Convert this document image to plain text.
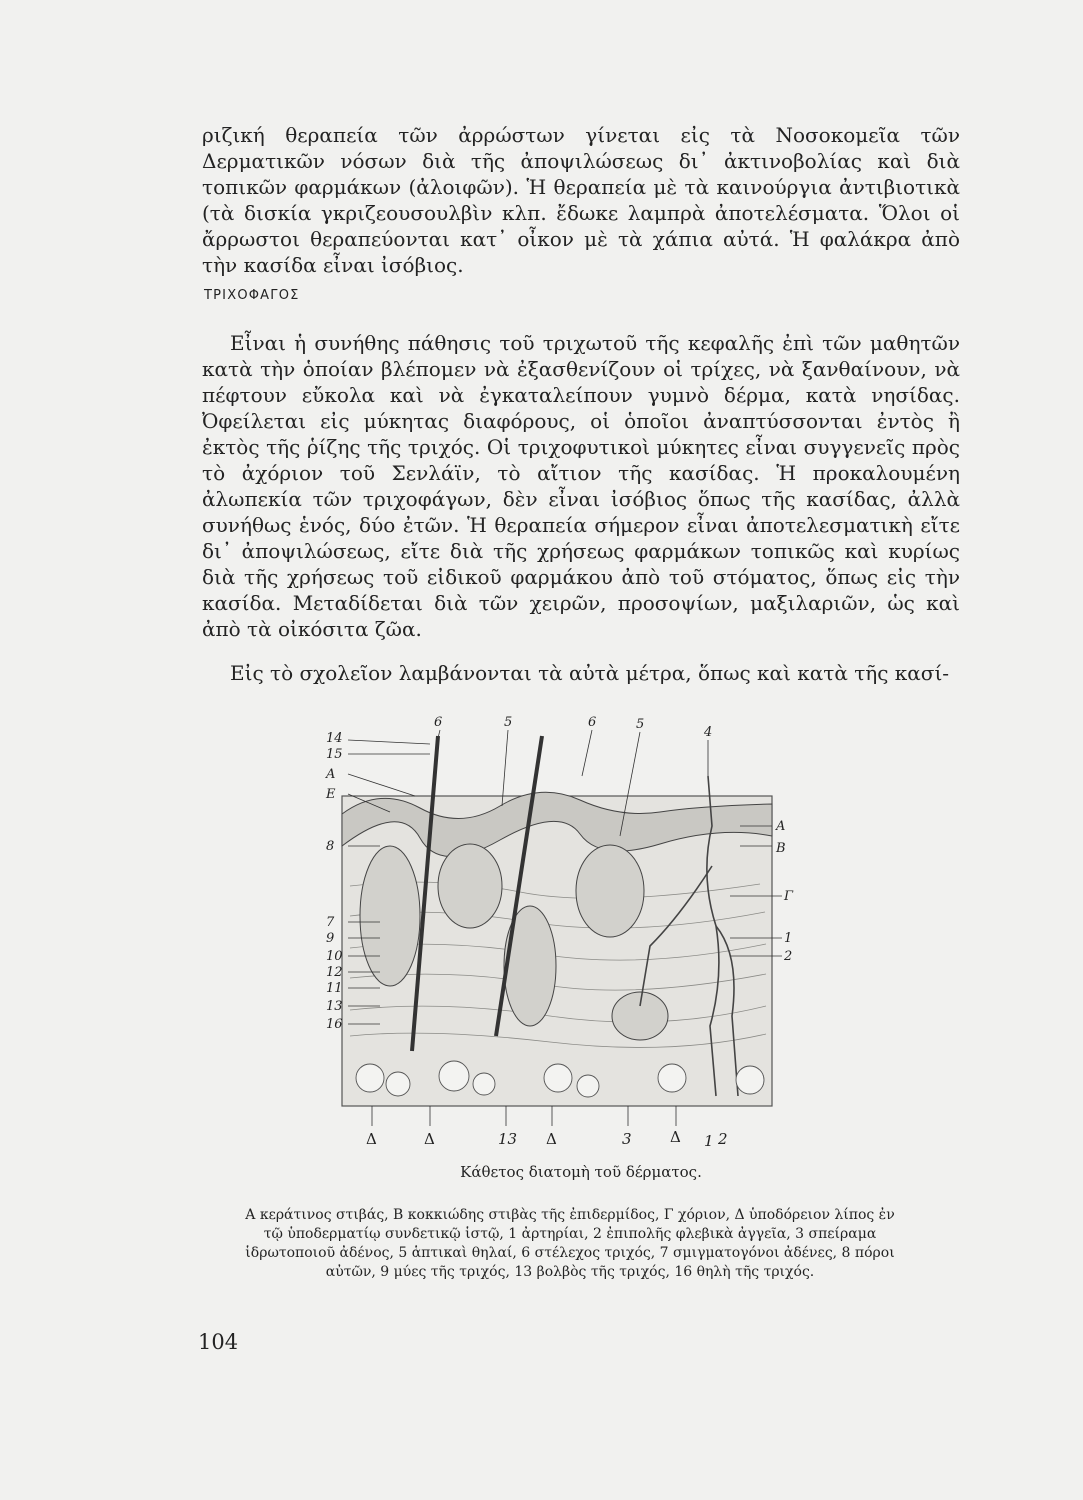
ριζική θεραπεία τῶν ἀρρώστων γίνεται εἰς τὰ Νοσοκομεῖα τῶν Δερματικῶν νόσων διὰ τῆς ἀποψιλώσεως δι᾽ ἀκτινοβολίας καὶ διὰ τοπικῶν φαρμάκων (ἀλοιφῶν). Ἡ θεραπεία μὲ τὰ καινούργια ἀντιβιοτικὰ (τὰ δισκία γκριζεουσουλβὶν κλπ. ἔδωκε λαμπρὰ ἀποτελέσματα. Ὅλοι οἱ ἄρρωστοι θεραπεύονται κατ᾽ οἶκον μὲ τὰ χάπια αὐτά. Ἡ φαλάκρα ἀπὸ τὴν κασίδα εἶναι ἰσόβιος.

ΤΡΙΧΟΦΑΓΟΣ

Εἶναι ἡ συνήθης πάθησις τοῦ τριχωτοῦ τῆς κεφαλῆς ἐπὶ τῶν μαθητῶν κατὰ τὴν ὁποίαν βλέπομεν νὰ ἐξασθενίζουν οἱ τρίχες, νὰ ξανθαίνουν, νὰ πέφτουν εὔκολα καὶ νὰ ἐγκαταλείπουν γυμνὸ δέρμα, κατὰ νησίδας. Ὀφείλεται εἰς μύκητας διαφόρους, οἱ ὁποῖοι ἀναπτύσσονται ἐντὸς ἢ ἐκτὸς τῆς ῥίζης τῆς τριχός. Οἱ τριχοφυτικοὶ μύκητες εἶναι συγγενεῖς πρὸς τὸ ἀχόριον τοῦ Σενλάϊν, τὸ αἴτιον τῆς κασίδας. Ἡ προκαλουμένη ἀλωπεκία τῶν τριχοφάγων, δὲν εἶναι ἰσόβιος ὅπως τῆς κασίδας, ἀλλὰ συνήθως ἑνός, δύο ἐτῶν. Ἡ θεραπεία σήμερον εἶναι ἀποτελεσματικὴ εἴτε δι᾽ ἀποψιλώσεως, εἴτε διὰ τῆς χρήσεως φαρμάκων τοπικῶς καὶ κυρίως διὰ τῆς χρήσεως τοῦ εἰδικοῦ φαρμάκου ἀπὸ τοῦ στόματος, ὅπως εἰς τὴν κασίδα. Μεταδίδεται διὰ τῶν χειρῶν, προσοψίων, μαξιλαριῶν, ὡς καὶ ἀπὸ τὰ οἰκόσιτα ζῶα.

Εἰς τὸ σχολεῖον λαμβάνονται τὰ αὐτὰ μέτρα, ὅπως καὶ κατὰ τῆς κασί-

14
15
Α
Ε
8
7
9
10
12
11
13
16
6	5	6	5
4
Α
Β
Γ
1
2
Δ	Δ	13 Δ	3	Δ 1 2

Κάθετος διατομὴ τοῦ δέρματος.

Α κεράτινος στιβάς, Β κοκκιώδης στιβὰς τῆς ἐπιδερμίδος, Γ χόριον, Δ ὑποδόρειον λίπος ἐν τῷ ὑποδερματίῳ συνδετικῷ ἱστῷ, 1 ἀρτηρίαι, 2 ἐπιπολῆς φλεβικὰ ἀγγεῖα, 3 σπείραμα ἱδρωτοποιοῦ ἀδένος, 5 ἁπτικαὶ θηλαί, 6 στέλεχος τριχός, 7 σμιγματογόνοι ἀδένες, 8 πόροι αὐτῶν, 9 μύες τῆς τριχός, 13 βολβὸς τῆς τριχός, 16 θηλὴ τῆς τριχός.

104
